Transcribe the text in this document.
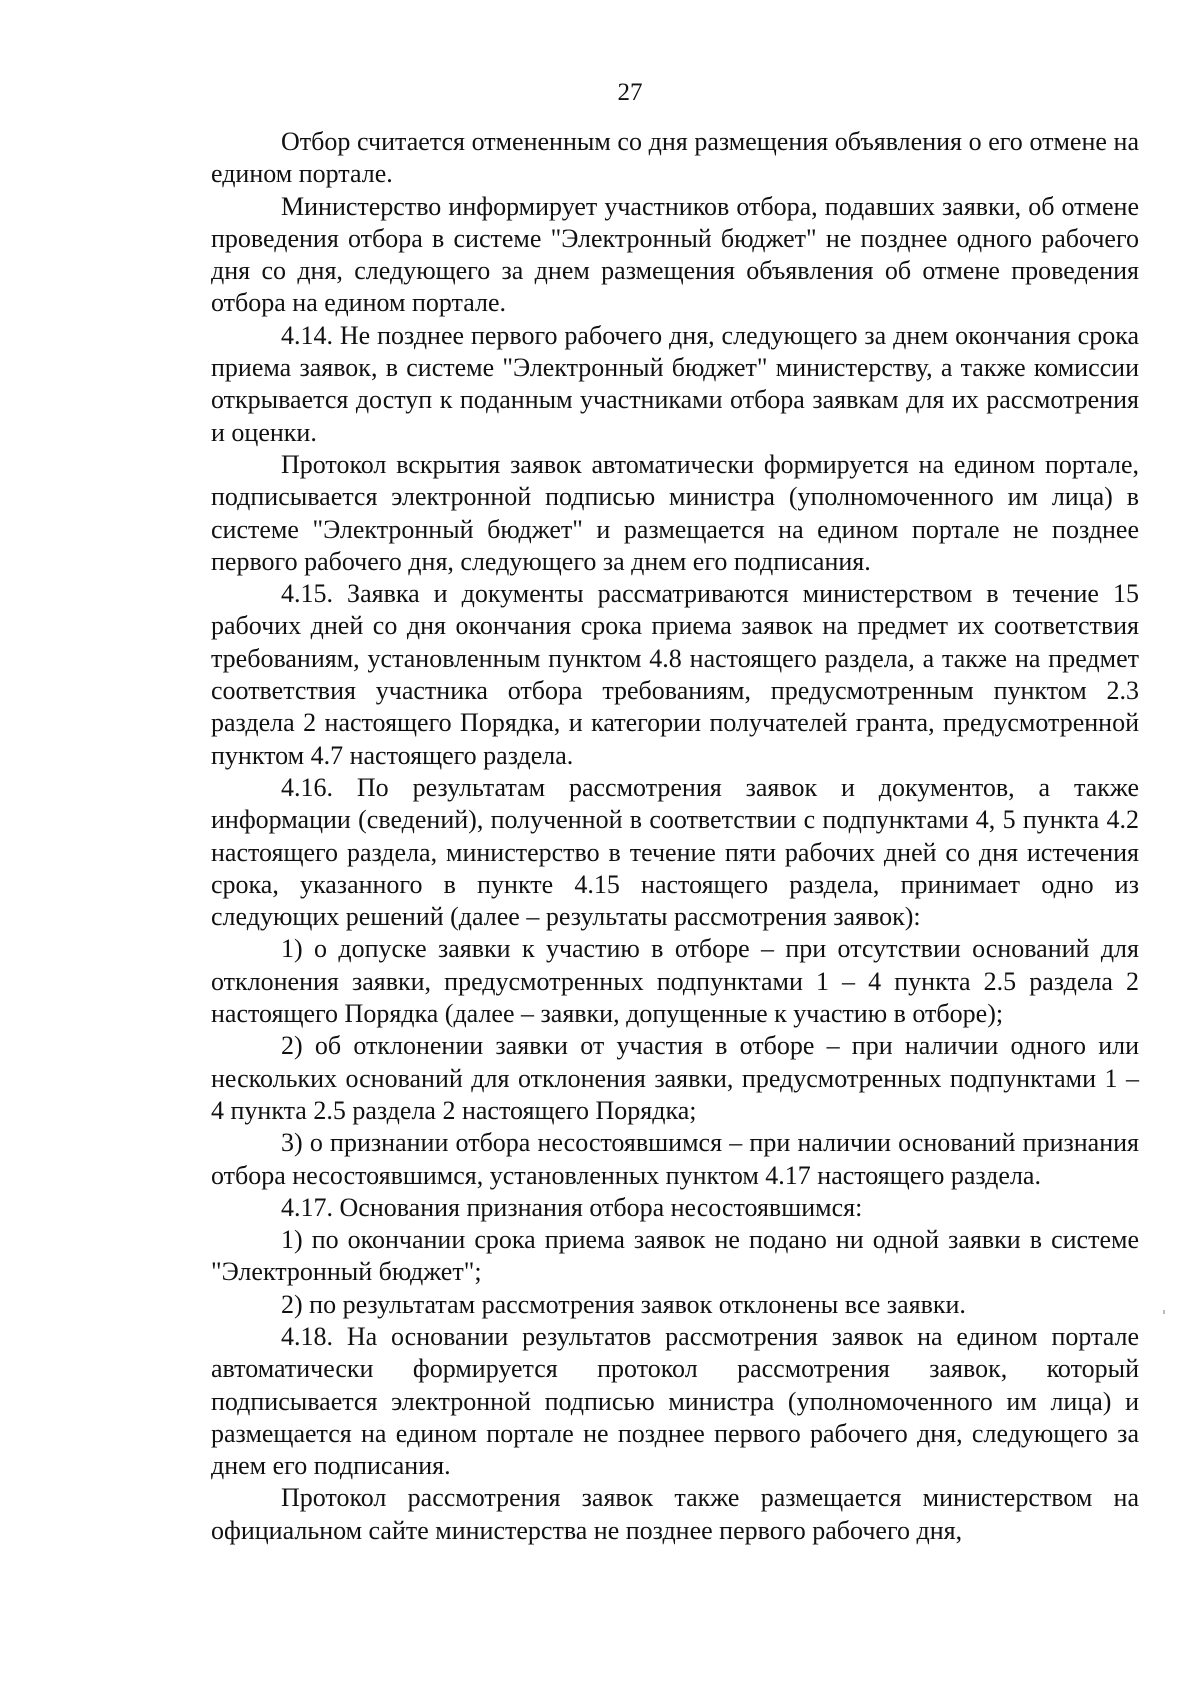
27

Отбор считается отмененным со дня размещения объявления о его отмене на едином портале.

Министерство информирует участников отбора, подавших заявки, об отмене проведения отбора в системе "Электронный бюджет" не позднее одного рабочего дня со дня, следующего за днем размещения объявления об отмене проведения отбора на едином портале.

4.14. Не позднее первого рабочего дня, следующего за днем окончания срока приема заявок, в системе "Электронный бюджет" министерству, а также комиссии открывается доступ к поданным участниками отбора заявкам для их рассмотрения и оценки.

Протокол вскрытия заявок автоматически формируется на едином портале, подписывается электронной подписью министра (уполномоченного им лица) в системе "Электронный бюджет" и размещается на едином портале не позднее первого рабочего дня, следующего за днем его подписания.

4.15. Заявка и документы рассматриваются министерством в течение 15 рабочих дней со дня окончания срока приема заявок на предмет их соответствия требованиям, установленным пунктом 4.8 настоящего раздела, а также на предмет соответствия участника отбора требованиям, предусмотренным пунктом 2.3 раздела 2 настоящего Порядка, и категории получателей гранта, предусмотренной пунктом 4.7 настоящего раздела.

4.16. По результатам рассмотрения заявок и документов, а также информации (сведений), полученной в соответствии с подпунктами 4, 5 пункта 4.2 настоящего раздела, министерство в течение пяти рабочих дней со дня истечения срока, указанного в пункте 4.15 настоящего раздела, принимает одно из следующих решений (далее – результаты рассмотрения заявок):

1) о допуске заявки к участию в отборе – при отсутствии оснований для отклонения заявки, предусмотренных подпунктами 1 – 4 пункта 2.5 раздела 2 настоящего Порядка (далее – заявки, допущенные к участию в отборе);

2) об отклонении заявки от участия в отборе – при наличии одного или нескольких оснований для отклонения заявки, предусмотренных подпунктами 1 – 4 пункта 2.5 раздела 2 настоящего Порядка;

3) о признании отбора несостоявшимся – при наличии оснований признания отбора несостоявшимся, установленных пунктом 4.17 настоящего раздела.

4.17. Основания признания отбора несостоявшимся:

1) по окончании срока приема заявок не подано ни одной заявки в системе "Электронный бюджет";

2) по результатам рассмотрения заявок отклонены все заявки.

4.18. На основании результатов рассмотрения заявок на едином портале автоматически формируется протокол рассмотрения заявок, который подписывается электронной подписью министра (уполномоченного им лица) и размещается на едином портале не позднее первого рабочего дня, следующего за днем его подписания.

Протокол рассмотрения заявок также размещается министерством на официальном сайте министерства не позднее первого рабочего дня,
